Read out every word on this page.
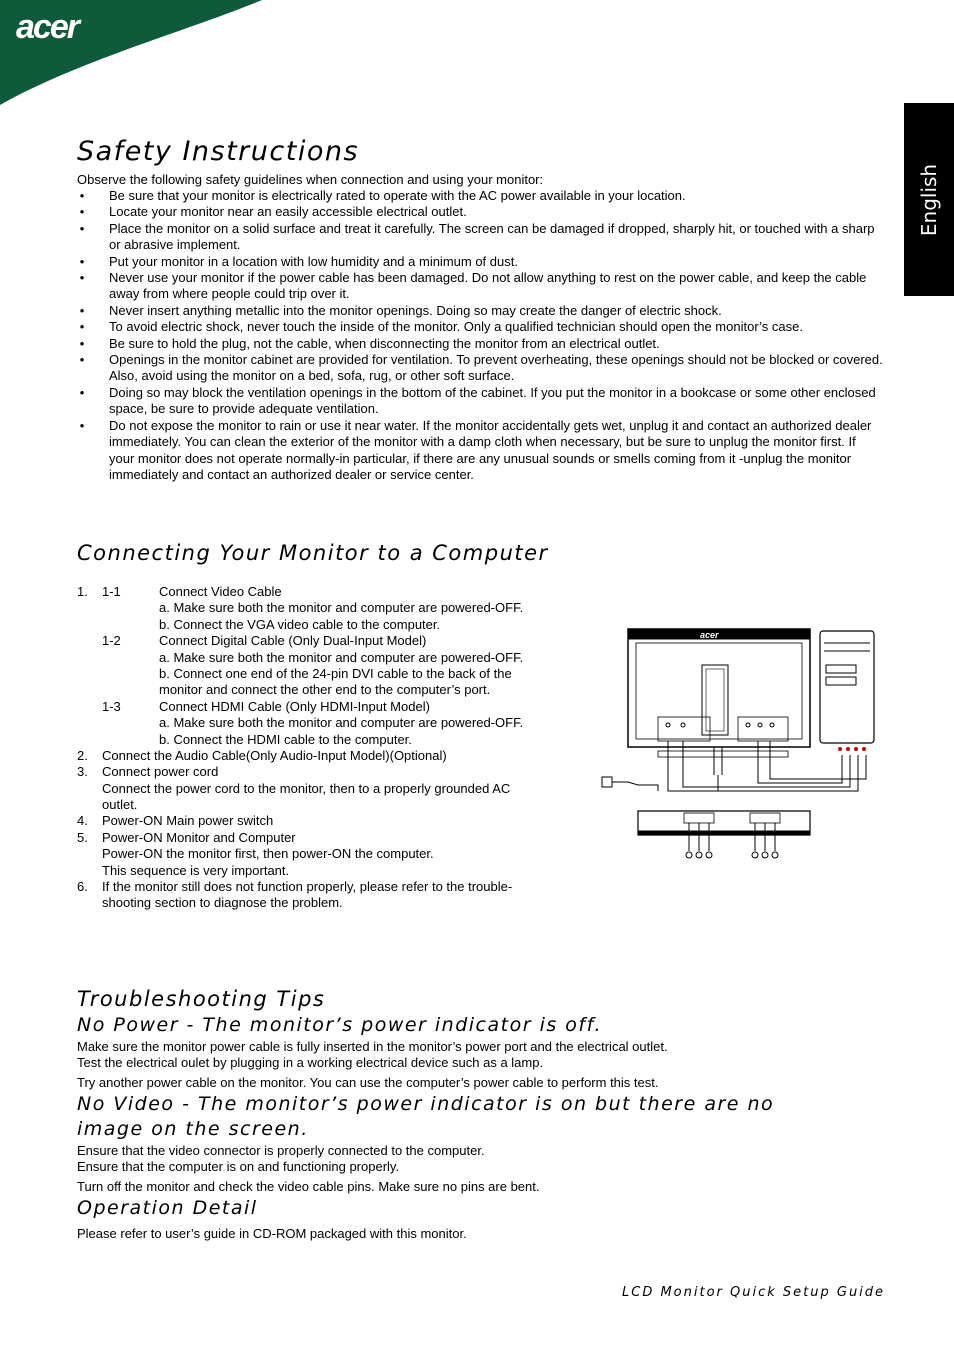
acer
English
Safety Instructions

Observe the following safety guidelines when connection and using your monitor:

• Be sure that your monitor is electrically rated to operate with the AC power available in your location.
• Locate your monitor near an easily accessible electrical outlet.
• Place the monitor on a solid surface and treat it carefully. The screen can be damaged if dropped, sharply hit, or touched with a sharp or abrasive implement.
• Put your monitor in a location with low humidity and a minimum of dust.
• Never use your monitor if the power cable has been damaged. Do not allow anything to rest on the power cable, and keep the cable away from where people could trip over it.
• Never insert anything metallic into the monitor openings. Doing so may create the danger of electric shock.
• To avoid electric shock, never touch the inside of the monitor. Only a qualified technician should open the monitor’s case.
• Be sure to hold the plug, not the cable, when disconnecting the monitor from an electrical outlet.
• Openings in the monitor cabinet are provided for ventilation. To prevent overheating, these openings should not be blocked or covered. Also, avoid using the monitor on a bed, sofa, rug, or other soft surface.
• Doing so may block the ventilation openings in the bottom of the cabinet. If you put the monitor in a bookcase or some other enclosed space, be sure to provide adequate ventilation.
• Do not expose the monitor to rain or use it near water. If the monitor accidentally gets wet, unplug it and contact an authorized dealer immediately. You can clean the exterior of the monitor with a damp cloth when necessary, but be sure to unplug the monitor first. If your monitor does not operate normally-in particular, if there are any unusual sounds or smells coming from it -unplug the monitor immediately and contact an authorized dealer or service center.
Connecting Your Monitor to a Computer
1. 1-1	Connect Video Cable
a. Make sure both the monitor and computer are powered-OFF.
b. Connect the VGA video cable to the computer.
1-2	Connect Digital Cable (Only Dual-Input Model)
a. Make sure both the monitor and computer are powered-OFF.
b. Connect one end of the 24-pin DVI cable to the back of the
monitor and connect the other end to the computer’s port.
1-3	Connect HDMI Cable (Only HDMI-Input Model)
a. Make sure both the monitor and computer are powered-OFF.
b. Connect the HDMI cable to the computer.
2. Connect the Audio Cable(Only Audio-Input Model)(Optional)
3. Connect power cord
Connect the power cord to the monitor, then to a properly grounded AC
outlet.
4. Power-ON Main power switch
5. Power-ON Monitor and Computer
Power-ON the monitor first, then power-ON the computer.
This sequence is very important.
6. If the monitor still does not function properly, please refer to the trouble-
shooting section to diagnose the problem.
acer
Troubleshooting Tips
No Power - The monitor’s power indicator is off.

Make sure the monitor power cable is fully inserted in the monitor’s power port and the electrical outlet.

Test the electrical oulet by plugging in a working electrical device such as a lamp.

Try another power cable on the monitor. You can use the computer’s power cable to perform this test.

No Video - The monitor’s power indicator is on but there are no
image on the screen.

Ensure that the video connector is properly connected to the computer.

Ensure that the computer is on and functioning properly.

Turn off the monitor and check the video cable pins. Make sure no pins are bent.

Operation Detail

Please refer to user’s guide in CD-ROM packaged with this monitor.

LCD Monitor Quick Setup Guide
